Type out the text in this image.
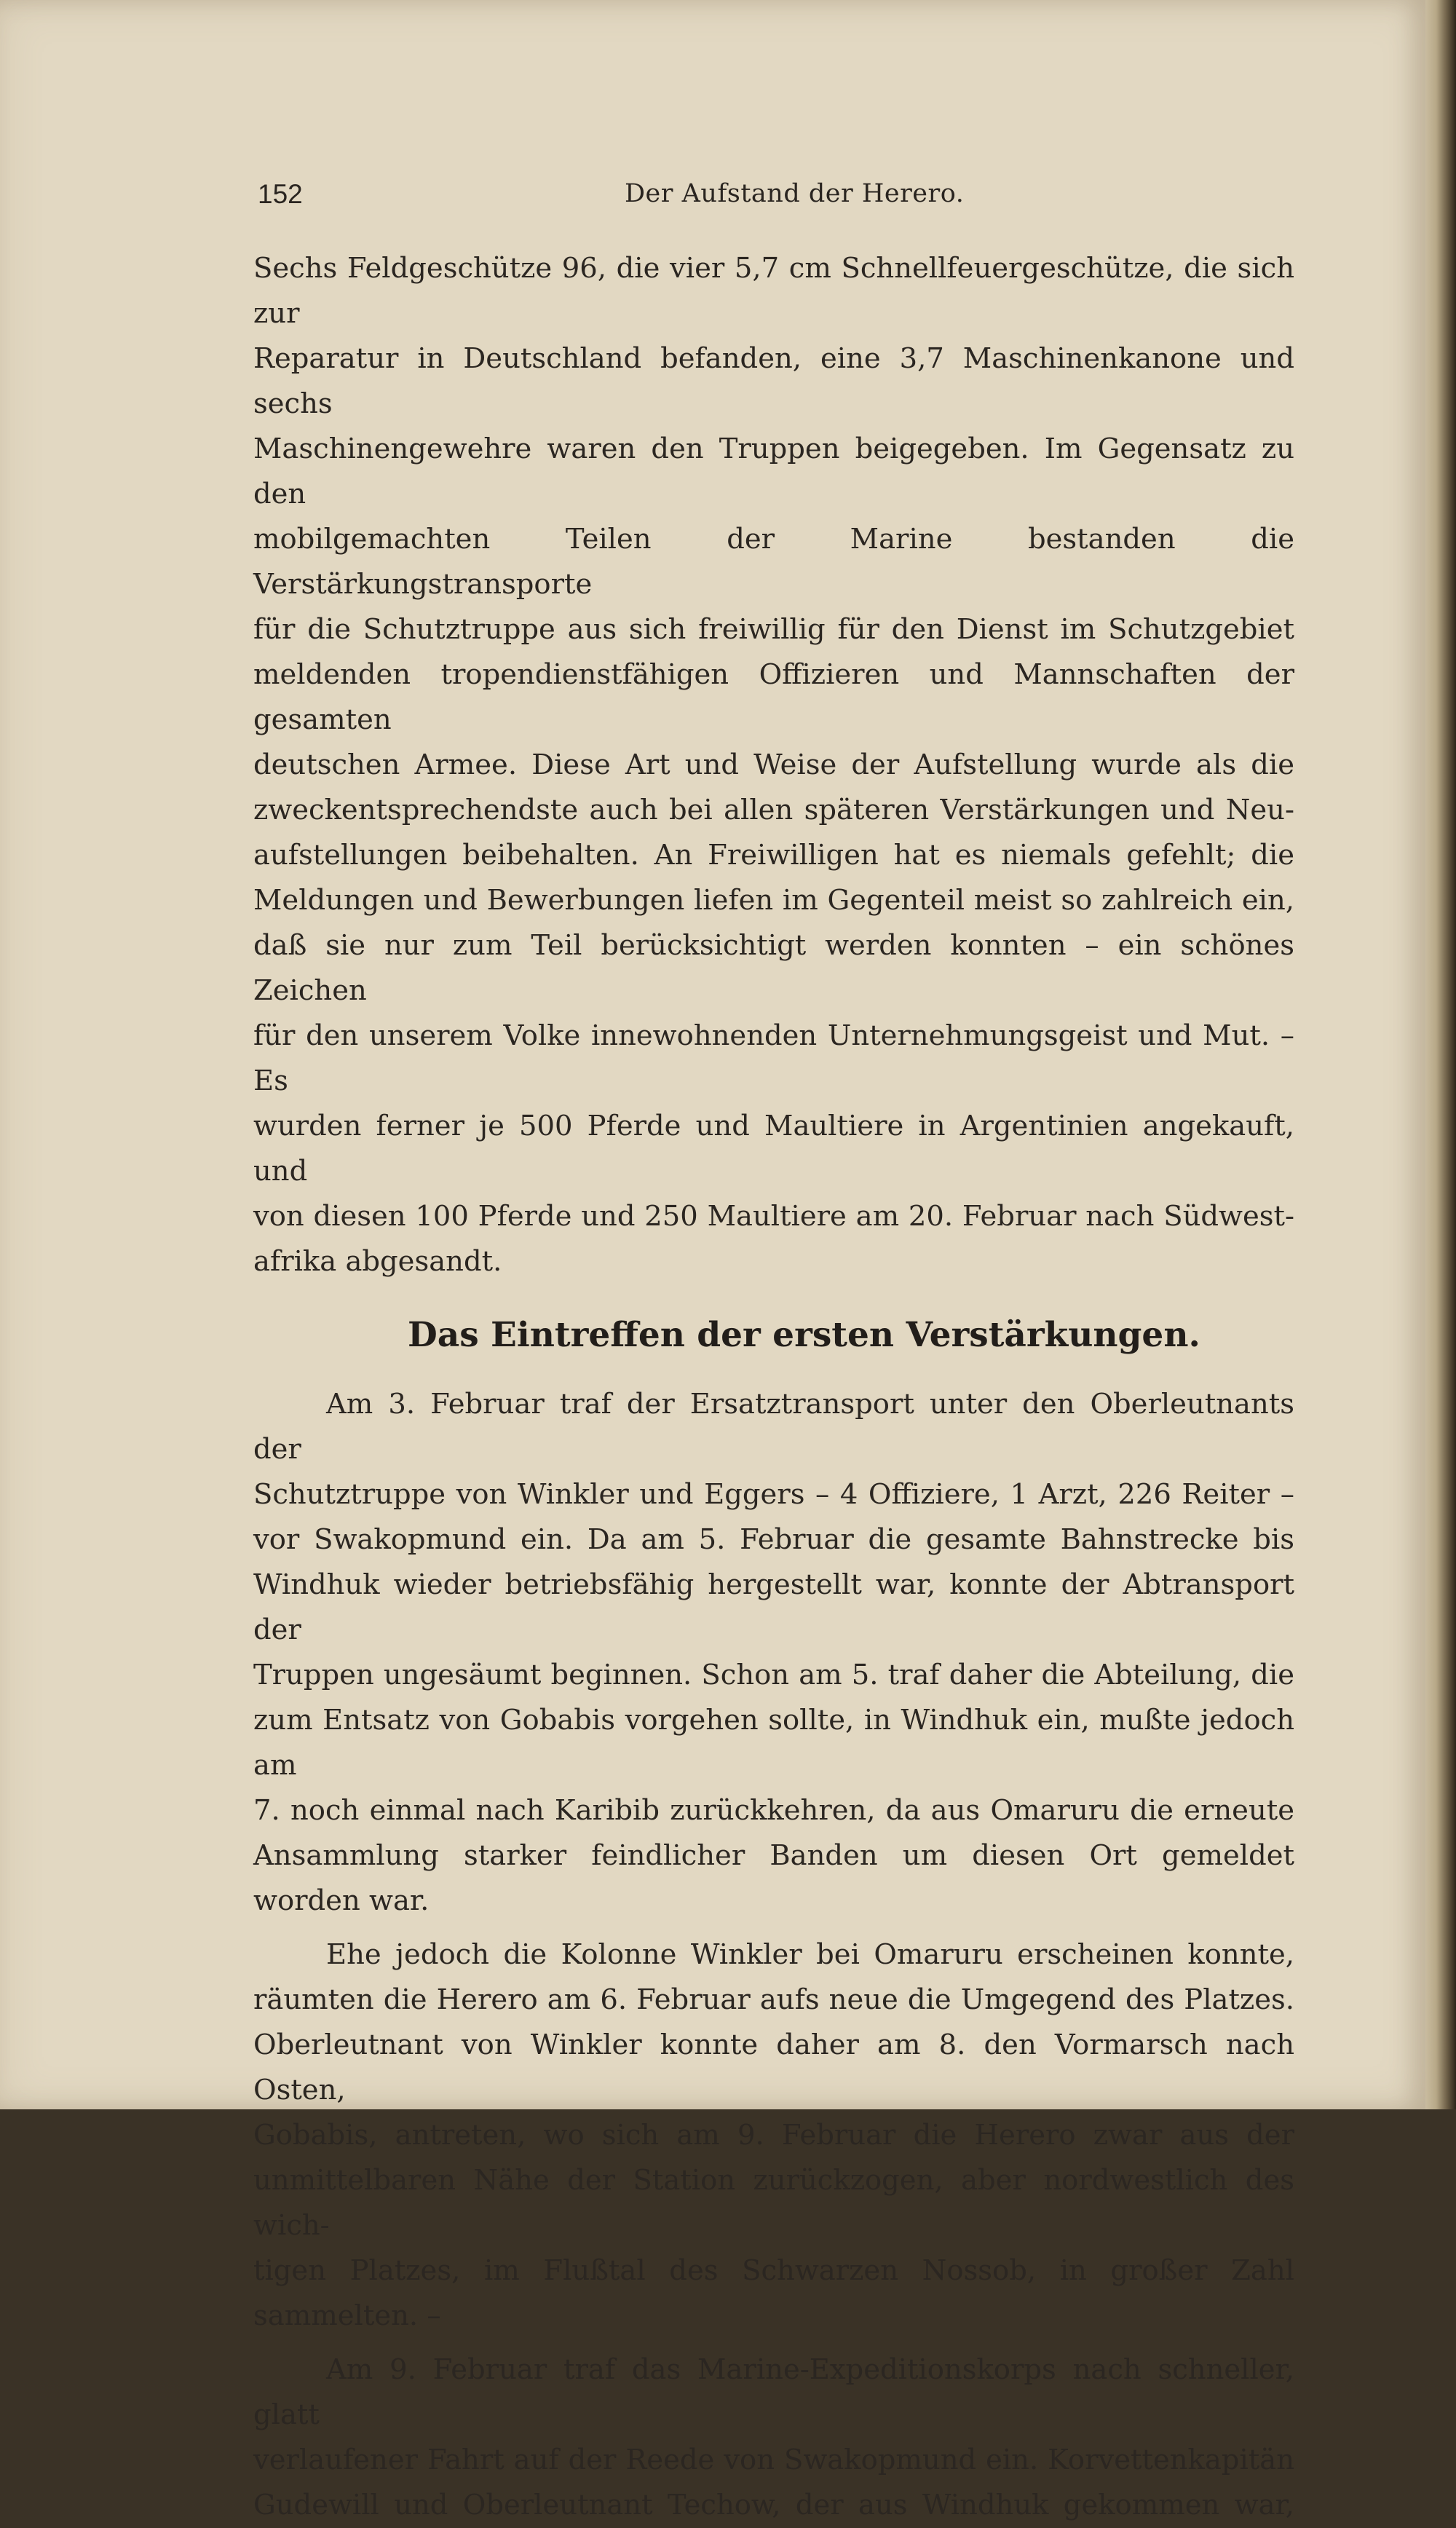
152	Der Aufstand der Herero.

Sechs Feldgeschütze 96, die vier 5,7 cm Schnellfeuergeschütze, die sich zur

Reparatur in Deutschland befanden, eine 3,7 Maschinenkanone und sechs

Maschinengewehre waren den Truppen beigegeben. Im Gegensatz zu den

mobilgemachten Teilen der Marine bestanden die Verstärkungstransporte

für die Schutztruppe aus sich freiwillig für den Dienst im Schutzgebiet

meldenden tropendienstfähigen Offizieren und Mannschaften der gesamten

deutschen Armee. Diese Art und Weise der Aufstellung wurde als die

zweckentsprechendste auch bei allen späteren Verstärkungen und Neu-

aufstellungen beibehalten. An Freiwilligen hat es niemals gefehlt; die

Meldungen und Bewerbungen liefen im Gegenteil meist so zahlreich ein,

daß sie nur zum Teil berücksichtigt werden konnten – ein schönes Zeichen

für den unserem Volke innewohnenden Unternehmungsgeist und Mut. – Es

wurden ferner je 500 Pferde und Maultiere in Argentinien angekauft, und

von diesen 100 Pferde und 250 Maultiere am 20. Februar nach Südwest-

afrika abgesandt.

Das Eintreffen der ersten Verstärkungen.

Am 3. Februar traf der Ersatztransport unter den Oberleutnants der

Schutztruppe von Winkler und Eggers – 4 Offiziere, 1 Arzt, 226 Reiter –

vor Swakopmund ein. Da am 5. Februar die gesamte Bahnstrecke bis

Windhuk wieder betriebsfähig hergestellt war, konnte der Abtransport der

Truppen ungesäumt beginnen. Schon am 5. traf daher die Abteilung, die

zum Entsatz von Gobabis vorgehen sollte, in Windhuk ein, mußte jedoch am

7. noch einmal nach Karibib zurückkehren, da aus Omaruru die erneute

Ansammlung starker feindlicher Banden um diesen Ort gemeldet worden war.

Ehe jedoch die Kolonne Winkler bei Omaruru erscheinen konnte,

räumten die Herero am 6. Februar aufs neue die Umgegend des Platzes.

Oberleutnant von Winkler konnte daher am 8. den Vormarsch nach Osten,

Gobabis, antreten, wo sich am 9. Februar die Herero zwar aus der

unmittelbaren Nähe der Station zurückzogen, aber nordwestlich des wich-

tigen Platzes, im Flußtal des Schwarzen Nossob, in großer Zahl

sammelten. –

Am 9. Februar traf das Marine-Expeditionskorps nach schneller, glatt

verlaufener Fahrt auf der Reede von Swakopmund ein. Korvettenkapitän

Gudewill und Oberleutnant Techow, der aus Windhuk gekommen war,
